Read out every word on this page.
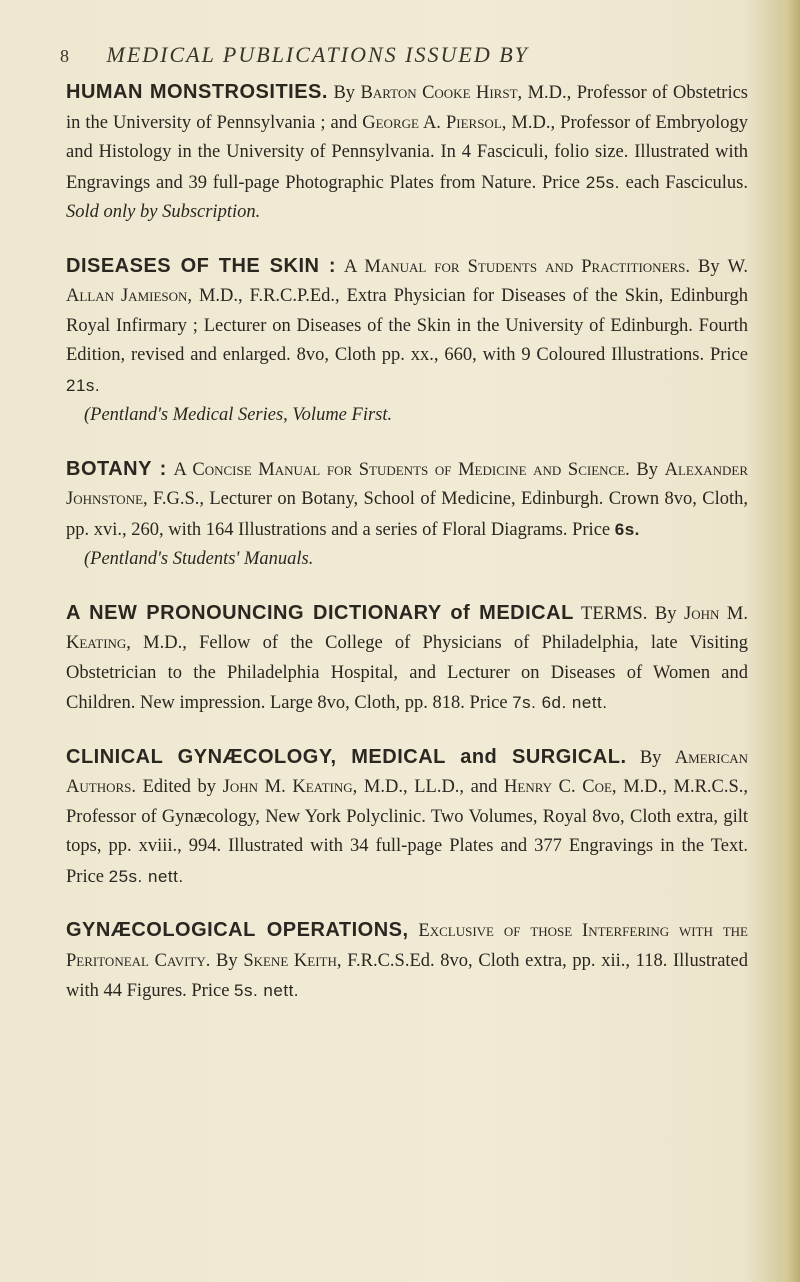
8 MEDICAL PUBLICATIONS ISSUED BY

HUMAN MONSTROSITIES. By Barton Cooke Hirst, M.D., Professor of Obstetrics in the University of Pennsylvania ; and George A. Piersol, M.D., Professor of Embryology and Histology in the University of Pennsylvania. In 4 Fasciculi, folio size. Illustrated with Engravings and 39 full-page Photographic Plates from Nature. Price 25s. each Fasciculus. Sold only by Subscription.

DISEASES OF THE SKIN : A Manual for Students and Practitioners. By W. Allan Jamieson, M.D., F.R.C.P.Ed., Extra Physician for Diseases of the Skin, Edinburgh Royal Infirmary ; Lecturer on Diseases of the Skin in the University of Edinburgh. Fourth Edition, revised and enlarged. 8vo, Cloth pp. xx., 660, with 9 Coloured Illustrations. Price 21s.
(Pentland's Medical Series, Volume First.

BOTANY : A Concise Manual for Students of Medicine and Science. By Alexander Johnstone, F.G.S., Lecturer on Botany, School of Medicine, Edinburgh. Crown 8vo, Cloth, pp. xvi., 260, with 164 Illustrations and a series of Floral Diagrams. Price 6s.
(Pentland's Students' Manuals.

A NEW PRONOUNCING DICTIONARY of MEDICAL TERMS. By John M. Keating, M.D., Fellow of the College of Physicians of Philadelphia, late Visiting Obstetrician to the Philadelphia Hospital, and Lecturer on Diseases of Women and Children. New impression. Large 8vo, Cloth, pp. 818. Price 7s. 6d. nett.

CLINICAL GYNÆCOLOGY, MEDICAL and SURGICAL. By American Authors. Edited by John M. Keating, M.D., LL.D., and Henry C. Coe, M.D., M.R.C.S., Professor of Gynæcology, New York Polyclinic. Two Volumes, Royal 8vo, Cloth extra, gilt tops, pp. xviii., 994. Illustrated with 34 full-page Plates and 377 Engravings in the Text. Price 25s. nett.

GYNÆCOLOGICAL OPERATIONS, Exclusive of those Interfering with the Peritoneal Cavity. By Skene Keith, F.R.C.S.Ed. 8vo, Cloth extra, pp. xii., 118. Illustrated with 44 Figures. Price 5s. nett.
